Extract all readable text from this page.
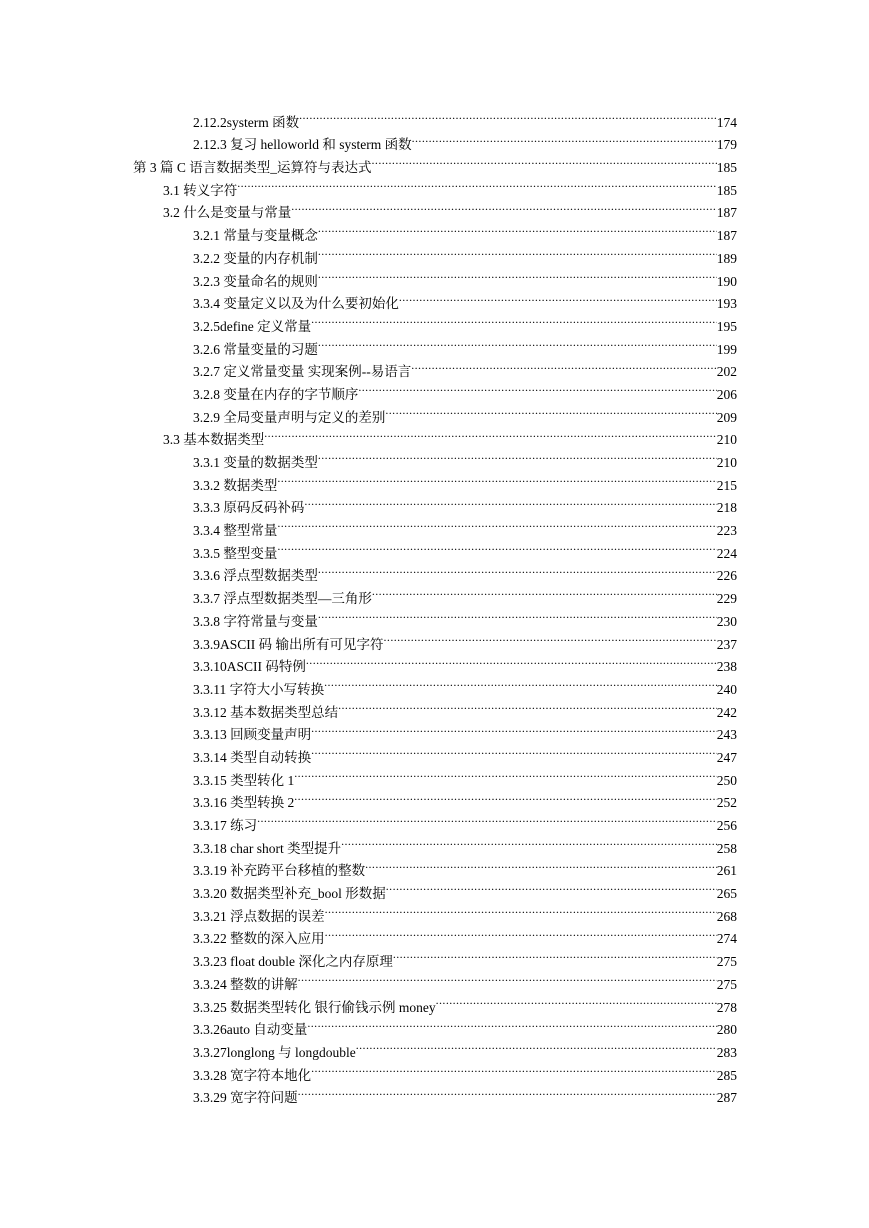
2.12.2systerm 函数 .....	174
2.12.3 复习 helloworld 和 systerm 函数 .....	179
第 3 篇 C 语言数据类型_运算符与表达式 .....	185
3.1 转义字符 .....	185
3.2 什么是变量与常量 .....	187
3.2.1 常量与变量概念 .....	187
3.2.2 变量的内存机制 .....	189
3.2.3 变量命名的规则 .....	190
3.3.4 变量定义以及为什么要初始化 .....	193
3.2.5define 定义常量 .....	195
3.2.6 常量变量的习题 .....	199
3.2.7 定义常量变量 实现案例--易语言 .....	202
3.2.8 变量在内存的字节顺序 .....	206
3.2.9 全局变量声明与定义的差别 .....	209
3.3 基本数据类型 .....	210
3.3.1 变量的数据类型 .....	210
3.3.2 数据类型 .....	215
3.3.3 原码反码补码 .....	218
3.3.4 整型常量 .....	223
3.3.5 整型变量 .....	224
3.3.6 浮点型数据类型 .....	226
3.3.7 浮点型数据类型—三角形 .....	229
3.3.8 字符常量与变量 .....	230
3.3.9ASCII 码 输出所有可见字符 .....	237
3.3.10ASCII 码特例 .....	238
3.3.11 字符大小写转换 .....	240
3.3.12 基本数据类型总结 .....	242
3.3.13 回顾变量声明 .....	243
3.3.14 类型自动转换 .....	247
3.3.15 类型转化 1 .....	250
3.3.16 类型转换 2 .....	252
3.3.17 练习 .....	256
3.3.18 char short 类型提升 .....	258
3.3.19 补充跨平台移植的整数 .....	261
3.3.20 数据类型补充_bool 形数据 .....	265
3.3.21 浮点数据的误差 .....	268
3.3.22 整数的深入应用 .....	274
3.3.23 float double 深化之内存原理 .....	275
3.3.24 整数的讲解 .....	275
3.3.25 数据类型转化 银行偷钱示例 money .....	278
3.3.26auto 自动变量 .....	280
3.3.27longlong 与 longdouble .....	283
3.3.28 宽字符本地化 .....	285
3.3.29 宽字符问题 .....	287
